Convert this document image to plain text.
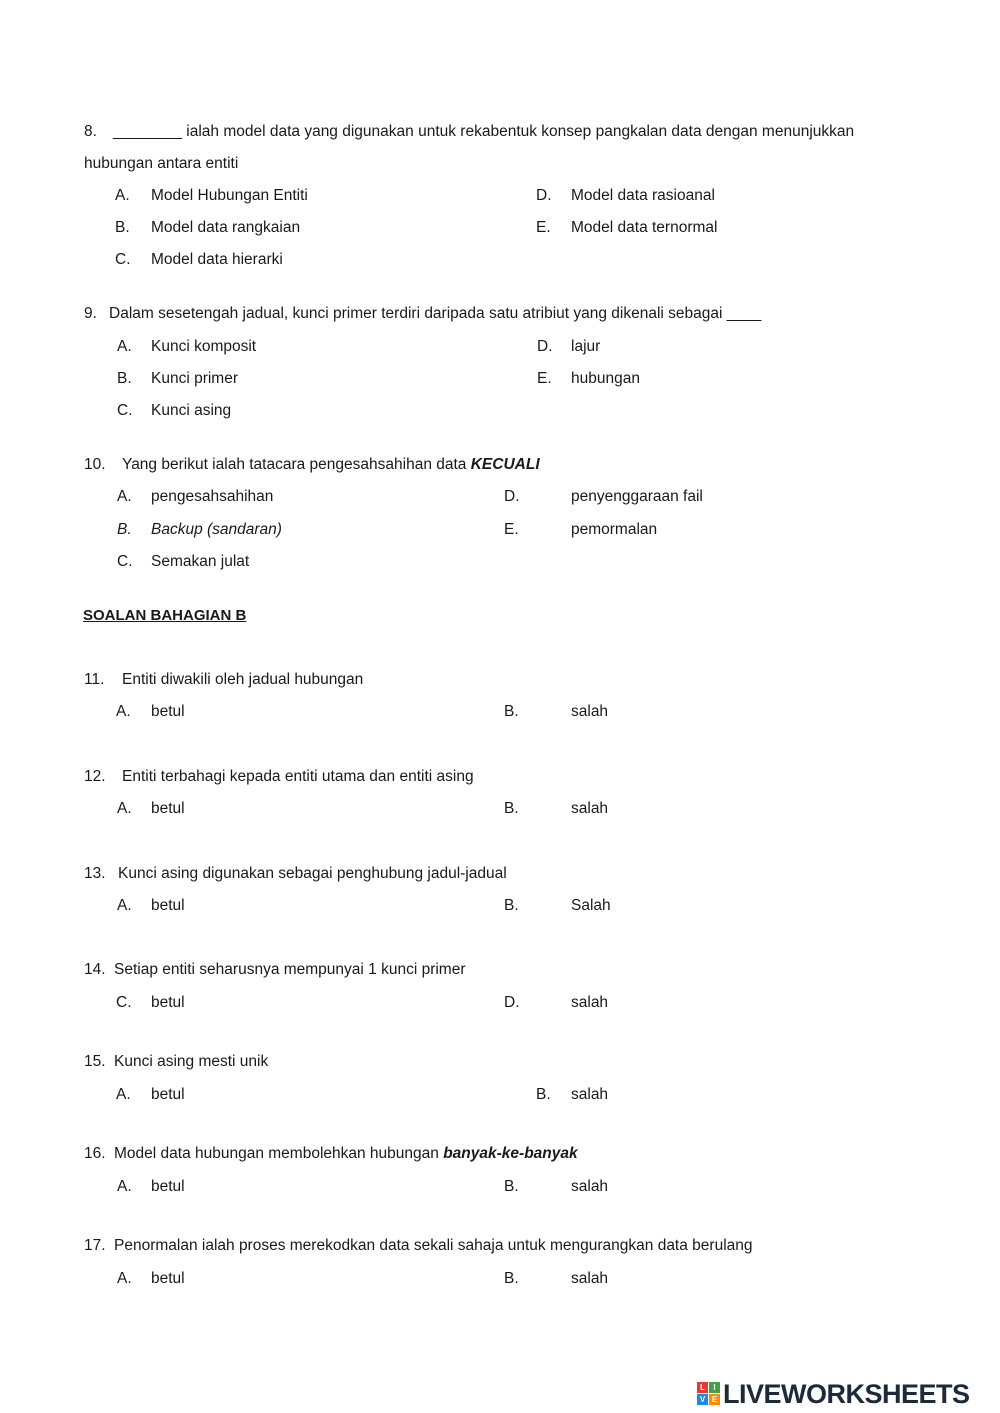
8. ________ ialah model data yang digunakan untuk rekabentuk konsep pangkalan data dengan menunjukkan
hubungan antara entiti
A. Model Hubungan Entiti	D. Model data rasioanal
B. Model data rangkaian	E. Model data ternormal
C. Model data hierarki
9. Dalam sesetengah jadual, kunci primer terdiri daripada satu atribiut yang dikenali sebagai ____
A. Kunci komposit	D. lajur
B. Kunci primer	E. hubungan
C. Kunci asing
10. Yang berikut ialah tatacara pengesahsahihan data KECUALI
A. pengesahsahihan	D.	penyenggaraan fail
B. Backup (sandaran)	E.	pemormalan
C. Semakan julat
SOALAN BAHAGIAN B
11. Entiti diwakili oleh jadual hubungan
A. betul	B.	salah
12. Entiti terbahagi kepada entiti utama dan entiti asing
A. betul	B.	salah
13. Kunci asing digunakan sebagai penghubung jadul-jadual
A. betul	B.	Salah
14. Setiap entiti seharusnya mempunyai 1 kunci primer
C. betul	D.	salah
15. Kunci asing mesti unik
A. betul	B. salah
16. Model data hubungan membolehkan hubungan banyak-ke-banyak
A. betul	B.	salah
17. Penormalan ialah proses merekodkan data sekali sahaja untuk mengurangkan data berulang
A. betul	B.	salah
L	I
V E LIVEWORKSHEETS
